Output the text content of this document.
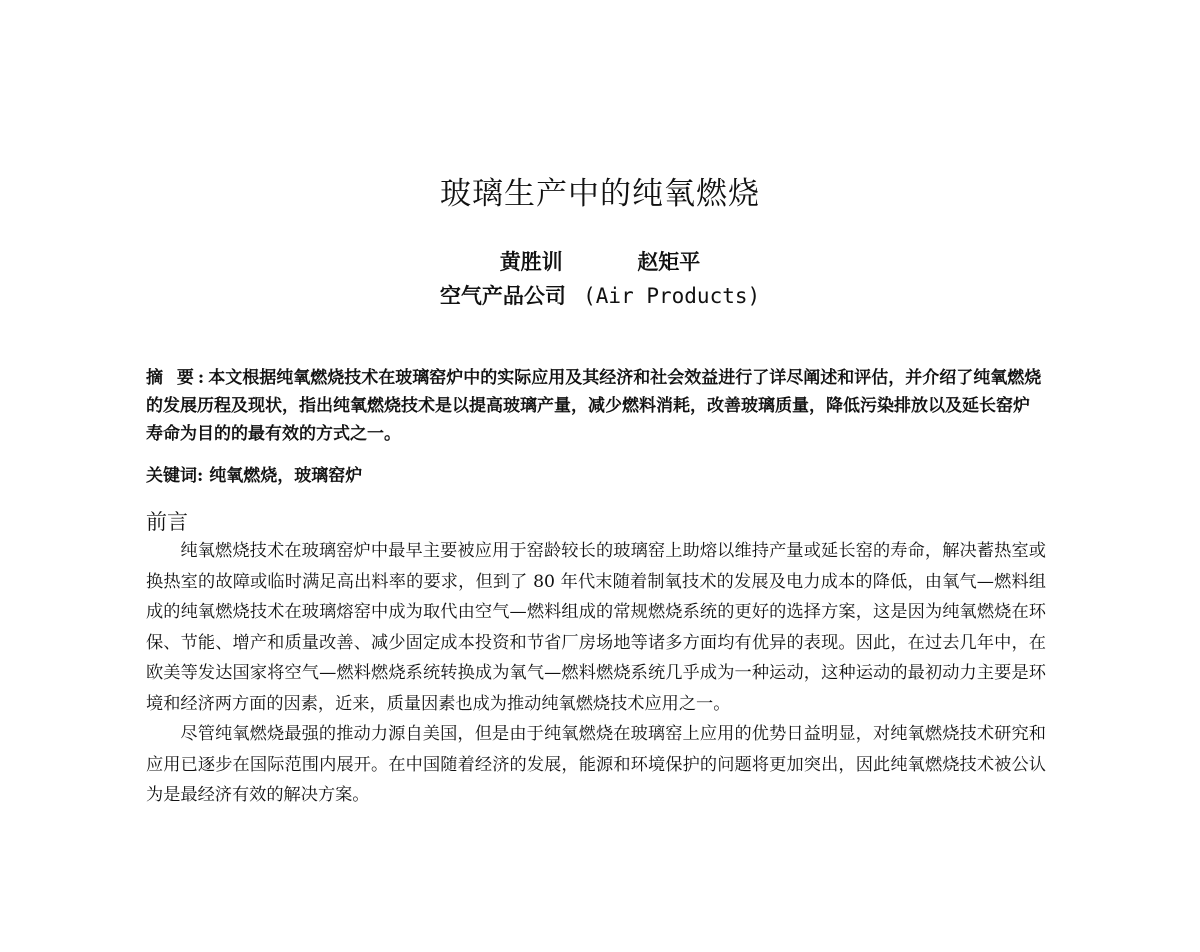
玻璃生产中的纯氧燃烧
黄胜训	赵矩平
空气产品公司 (Air Products)
摘 要:本文根据纯氧燃烧技术在玻璃窑炉中的实际应用及其经济和社会效益进行了详尽阐述和评估，并介绍了纯氧燃烧的发展历程及现状，指出纯氧燃烧技术是以提高玻璃产量，减少燃料消耗，改善玻璃质量，降低污染排放以及延长窑炉寿命为目的的最有效的方式之一。
关键词: 纯氧燃烧，玻璃窑炉
前言

纯氧燃烧技术在玻璃窑炉中最早主要被应用于窑龄较长的玻璃窑上助熔以维持产量或延长窑的寿命，解决蓄热室或换热室的故障或临时满足高出料率的要求，但到了 80 年代末随着制氧技术的发展及电力成本的降低，由氧气—燃料组成的纯氧燃烧技术在玻璃熔窑中成为取代由空气—燃料组成的常规燃烧系统的更好的选择方案，这是因为纯氧燃烧在环保、节能、增产和质量改善、减少固定成本投资和节省厂房场地等诸多方面均有优异的表现。因此，在过去几年中，在欧美等发达国家将空气—燃料燃烧系统转换成为氧气—燃料燃烧系统几乎成为一种运动，这种运动的最初动力主要是环境和经济两方面的因素，近来，质量因素也成为推动纯氧燃烧技术应用之一。

尽管纯氧燃烧最强的推动力源自美国，但是由于纯氧燃烧在玻璃窑上应用的优势日益明显，对纯氧燃烧技术研究和应用已逐步在国际范围内展开。在中国随着经济的发展，能源和环境保护的问题将更加突出，因此纯氧燃烧技术被公认为是最经济有效的解决方案。
